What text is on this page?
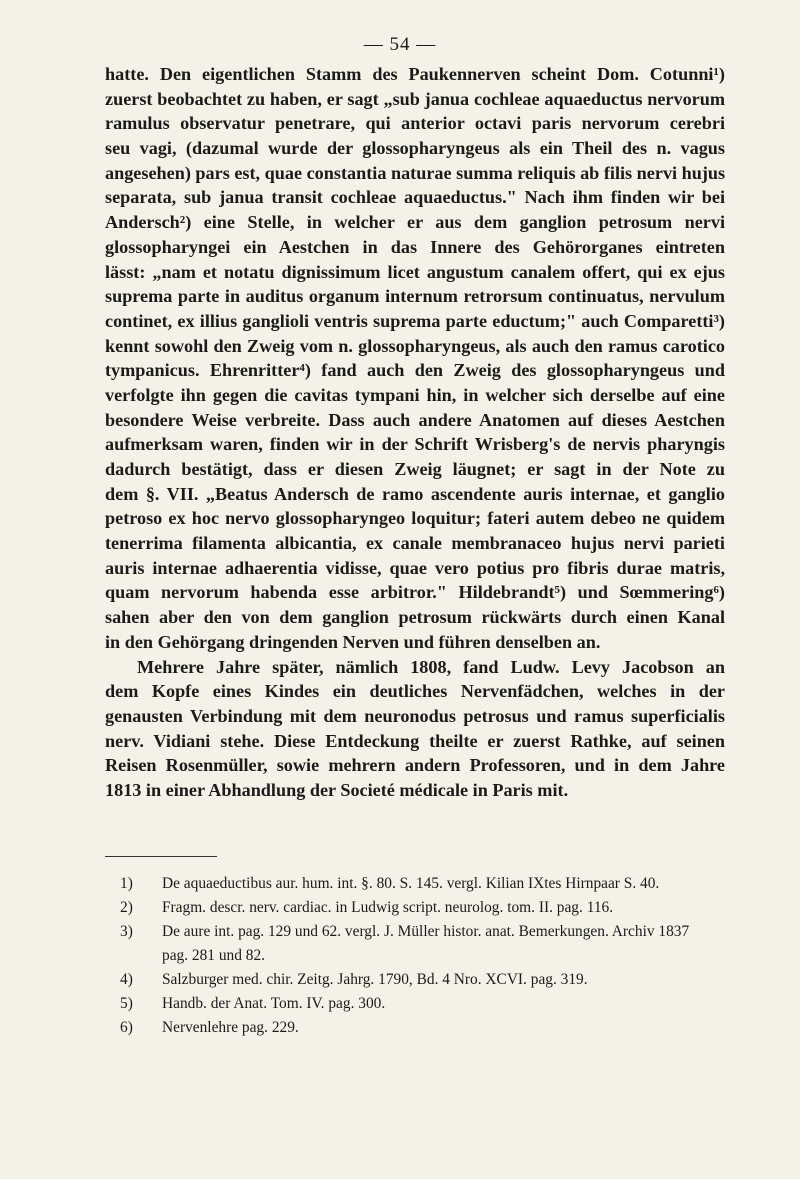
— 54 —
hatte. Den eigentlichen Stamm des Paukennerven scheint Dom. Cotunni¹)
zuerst beobachtet zu haben, er sagt „sub janua cochleae aquaeductus nervorum
ramulus observatur penetrare, qui anterior octavi paris nervorum cerebri
seu vagi, (dazumal wurde der glossopharyngeus als ein Theil des n. vagus
angesehen) pars est, quae constantia naturae summa reliquis ab filis nervi hujus
separata, sub janua transit cochleae aquaeductus." Nach ihm finden wir bei
Andersch²) eine Stelle, in welcher er aus dem ganglion petrosum nervi
glossopharyngei ein Aestchen in das Innere des Gehörorganes eintreten
lässt: „nam et notatu dignissimum licet angustum canalem offert, qui ex ejus
suprema parte in auditus organum internum retrorsum continuatus, nervulum
continet, ex illius ganglioli ventris suprema parte eductum;" auch Comparetti³)
kennt sowohl den Zweig vom n. glossopharyngeus, als auch den ramus carotico
tympanicus. Ehrenritter⁴) fand auch den Zweig des glossopharyngeus und
verfolgte ihn gegen die cavitas tympani hin, in welcher sich derselbe auf eine
besondere Weise verbreite. Dass auch andere Anatomen auf dieses Aestchen
aufmerksam waren, finden wir in der Schrift Wrisberg's de nervis pharyngis
dadurch bestätigt, dass er diesen Zweig läugnet; er sagt in der Note zu
dem §. VII. „Beatus Andersch de ramo ascendente auris internae, et ganglio
petroso ex hoc nervo glossopharyngeo loquitur; fateri autem debeo ne quidem
tenerrima filamenta albicantia, ex canale membranaceo hujus nervi parieti
auris internae adhaerentia vidisse, quae vero potius pro fibris durae matris,
quam nervorum habenda esse arbitror." Hildebrandt⁵) und Sœmmering⁶)
sahen aber den von dem ganglion petrosum rückwärts durch einen Kanal
in den Gehörgang dringenden Nerven und führen denselben an.
Mehrere Jahre später, nämlich 1808, fand Ludw. Levy Jacobson an
dem Kopfe eines Kindes ein deutliches Nervenfädchen, welches in der
genausten Verbindung mit dem neuronodus petrosus und ramus superficialis
nerv. Vidiani stehe. Diese Entdeckung theilte er zuerst Rathke, auf seinen
Reisen Rosenmüller, sowie mehrern andern Professoren, und in dem Jahre
1813 in einer Abhandlung der Societé médicale in Paris mit.
1) De aquaeductibus aur. hum. int. §. 80. S. 145. vergl. Kilian IXtes Hirnpaar S. 40.
2) Fragm. descr. nerv. cardiac. in Ludwig script. neurolog. tom. II. pag. 116.
3) De aure int. pag. 129 und 62. vergl. J. Müller histor. anat. Bemerkungen. Archiv 1837
pag. 281 und 82.
4) Salzburger med. chir. Zeitg. Jahrg. 1790, Bd. 4 Nro. XCVI. pag. 319.
5) Handb. der Anat. Tom. IV. pag. 300.
6) Nervenlehre pag. 229.
